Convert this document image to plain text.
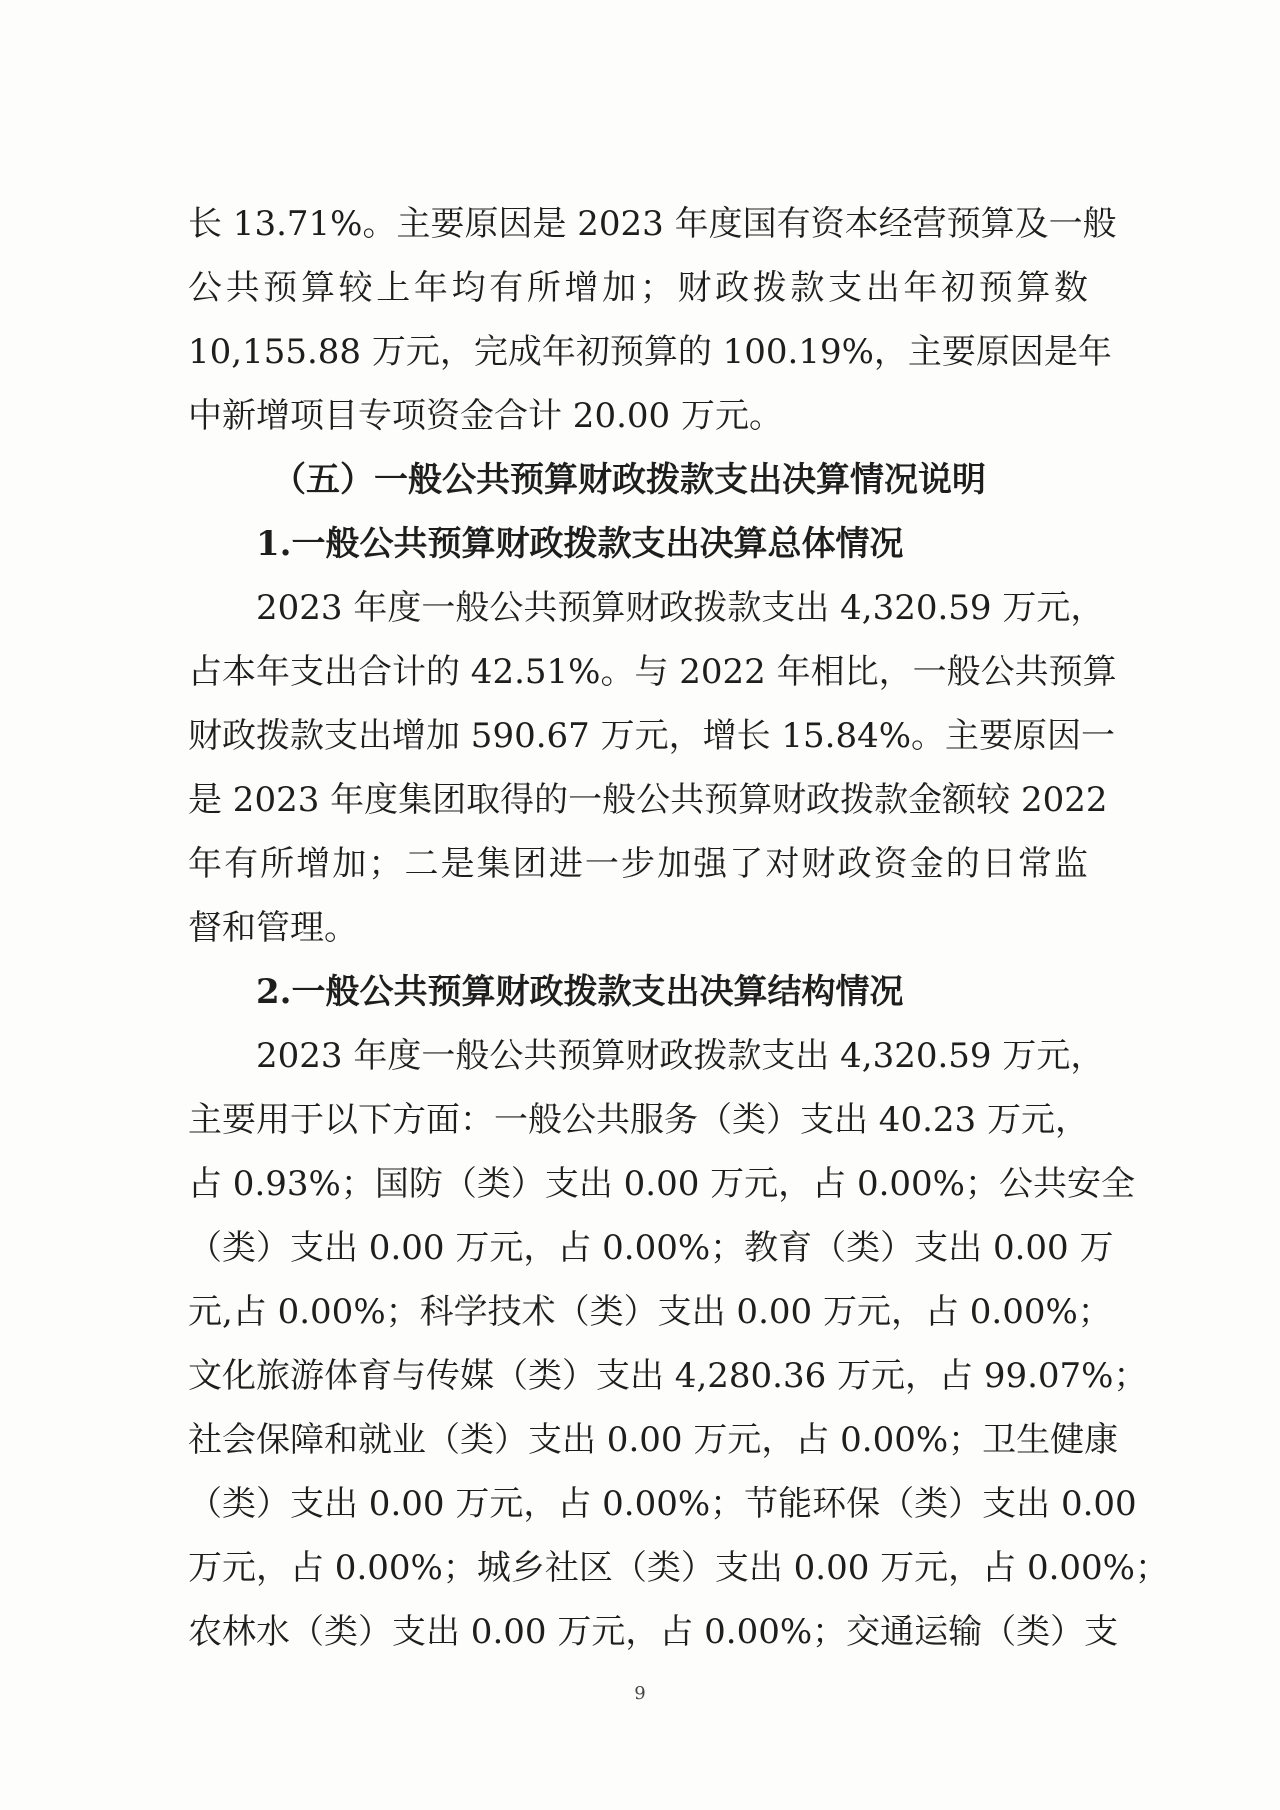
长 13.71%。主要原因是 2023 年度国有资本经营预算及一般
公共预算较上年均有所增加；财政拨款支出年初预算数
10,155.88 万元，完成年初预算的 100.19%，主要原因是年
中新增项目专项资金合计 20.00 万元。
（五）一般公共预算财政拨款支出决算情况说明
1.一般公共预算财政拨款支出决算总体情况
2023 年度一般公共预算财政拨款支出 4,320.59 万元，
占本年支出合计的 42.51%。与 2022 年相比，一般公共预算
财政拨款支出增加 590.67 万元，增长 15.84%。主要原因一
是 2023 年度集团取得的一般公共预算财政拨款金额较 2022
年有所增加；二是集团进一步加强了对财政资金的日常监
督和管理。
2.一般公共预算财政拨款支出决算结构情况
2023 年度一般公共预算财政拨款支出 4,320.59 万元，
主要用于以下方面：一般公共服务（类）支出 40.23 万元，
占 0.93%；国防（类）支出 0.00 万元，占 0.00%；公共安全
（类）支出 0.00 万元，占 0.00%；教育（类）支出 0.00 万
元,占 0.00%；科学技术（类）支出 0.00 万元，占 0.00%；
文化旅游体育与传媒（类）支出 4,280.36 万元，占 99.07%；
社会保障和就业（类）支出 0.00 万元，占 0.00%；卫生健康
（类）支出 0.00 万元，占 0.00%；节能环保（类）支出 0.00
万元，占 0.00%；城乡社区（类）支出 0.00 万元，占 0.00%；
农林水（类）支出 0.00 万元，占 0.00%；交通运输（类）支
9
